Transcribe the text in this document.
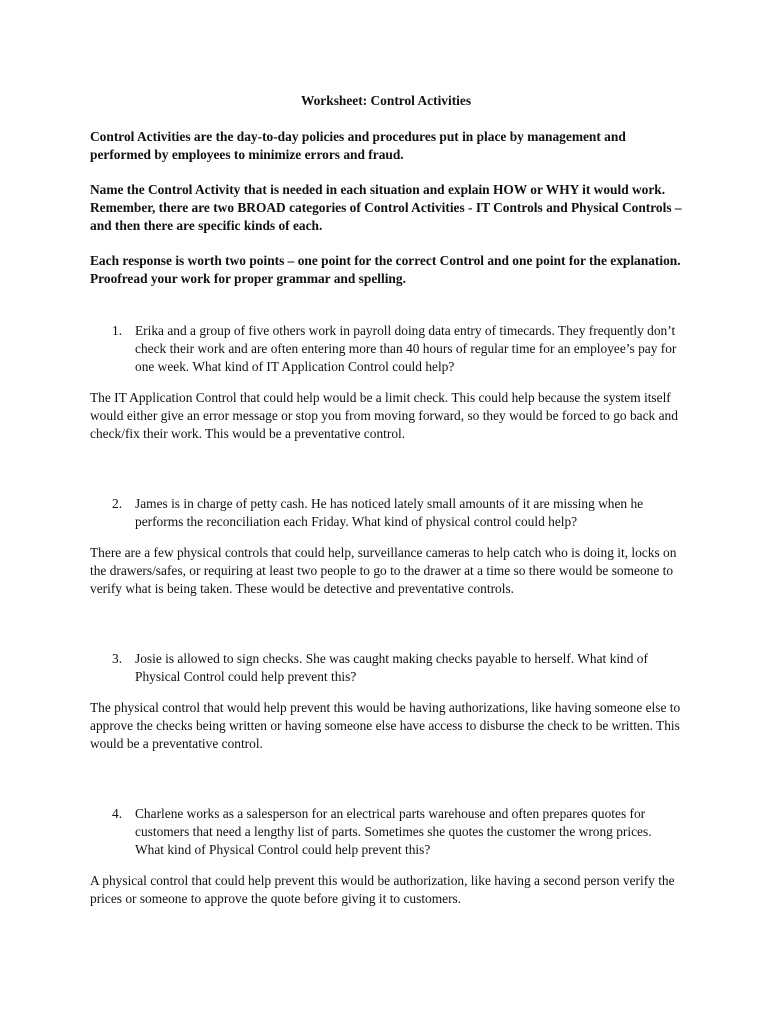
Worksheet: Control Activities

Control Activities are the day-to-day policies and procedures put in place by management and performed by employees to minimize errors and fraud.

Name the Control Activity that is needed in each situation and explain HOW or WHY it would work. Remember, there are two BROAD categories of Control Activities - IT Controls and Physical Controls – and then there are specific kinds of each.

Each response is worth two points – one point for the correct Control and one point for the explanation. Proofread your work for proper grammar and spelling.

1. Erika and a group of five others work in payroll doing data entry of timecards. They frequently don’t check their work and are often entering more than 40 hours of regular time for an employee’s pay for one week. What kind of IT Application Control could help?

The IT Application Control that could help would be a limit check. This could help because the system itself would either give an error message or stop you from moving forward, so they would be forced to go back and check/fix their work. This would be a preventative control.

2. James is in charge of petty cash. He has noticed lately small amounts of it are missing when he performs the reconciliation each Friday. What kind of physical control could help?

There are a few physical controls that could help, surveillance cameras to help catch who is doing it, locks on the drawers/safes, or requiring at least two people to go to the drawer at a time so there would be someone to verify what is being taken. These would be detective and preventative controls.

3. Josie is allowed to sign checks. She was caught making checks payable to herself. What kind of Physical Control could help prevent this?

The physical control that would help prevent this would be having authorizations, like having someone else to approve the checks being written or having someone else have access to disburse the check to be written. This would be a preventative control.

4. Charlene works as a salesperson for an electrical parts warehouse and often prepares quotes for customers that need a lengthy list of parts. Sometimes she quotes the customer the wrong prices. What kind of Physical Control could help prevent this?

A physical control that could help prevent this would be authorization, like having a second person verify the prices or someone to approve the quote before giving it to customers.
